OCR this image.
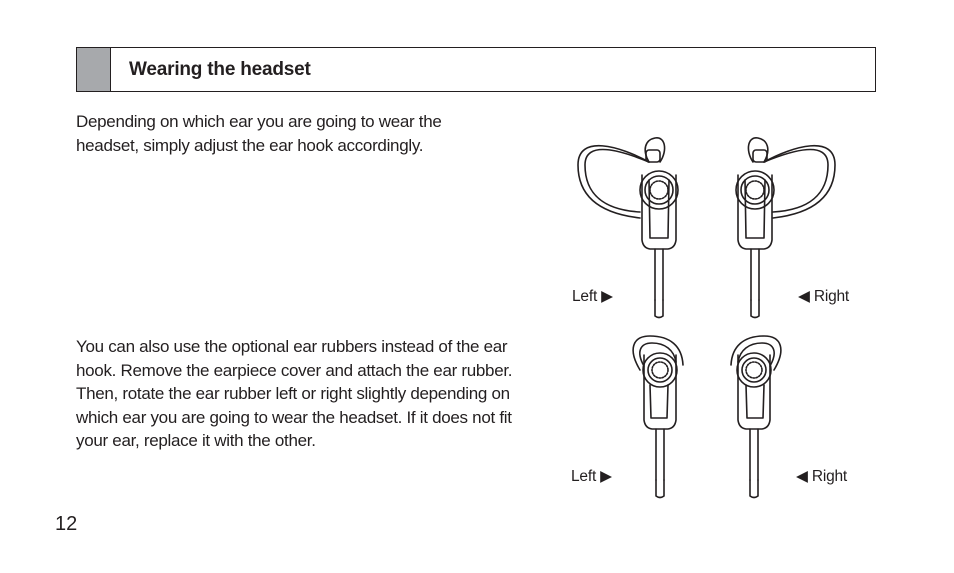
Wearing the headset
Depending on which ear you are going to wear the headset, simply adjust the ear hook accordingly.
You can also use the optional ear rubbers instead of the ear hook. Remove the earpiece cover and attach the ear rubber. Then, rotate the ear rubber left or right slightly depending on which ear you are going to wear the headset. If it does not fit your ear, replace it with the other.
Left ▶	◀ Right
Left ▶	◀ Right
12
